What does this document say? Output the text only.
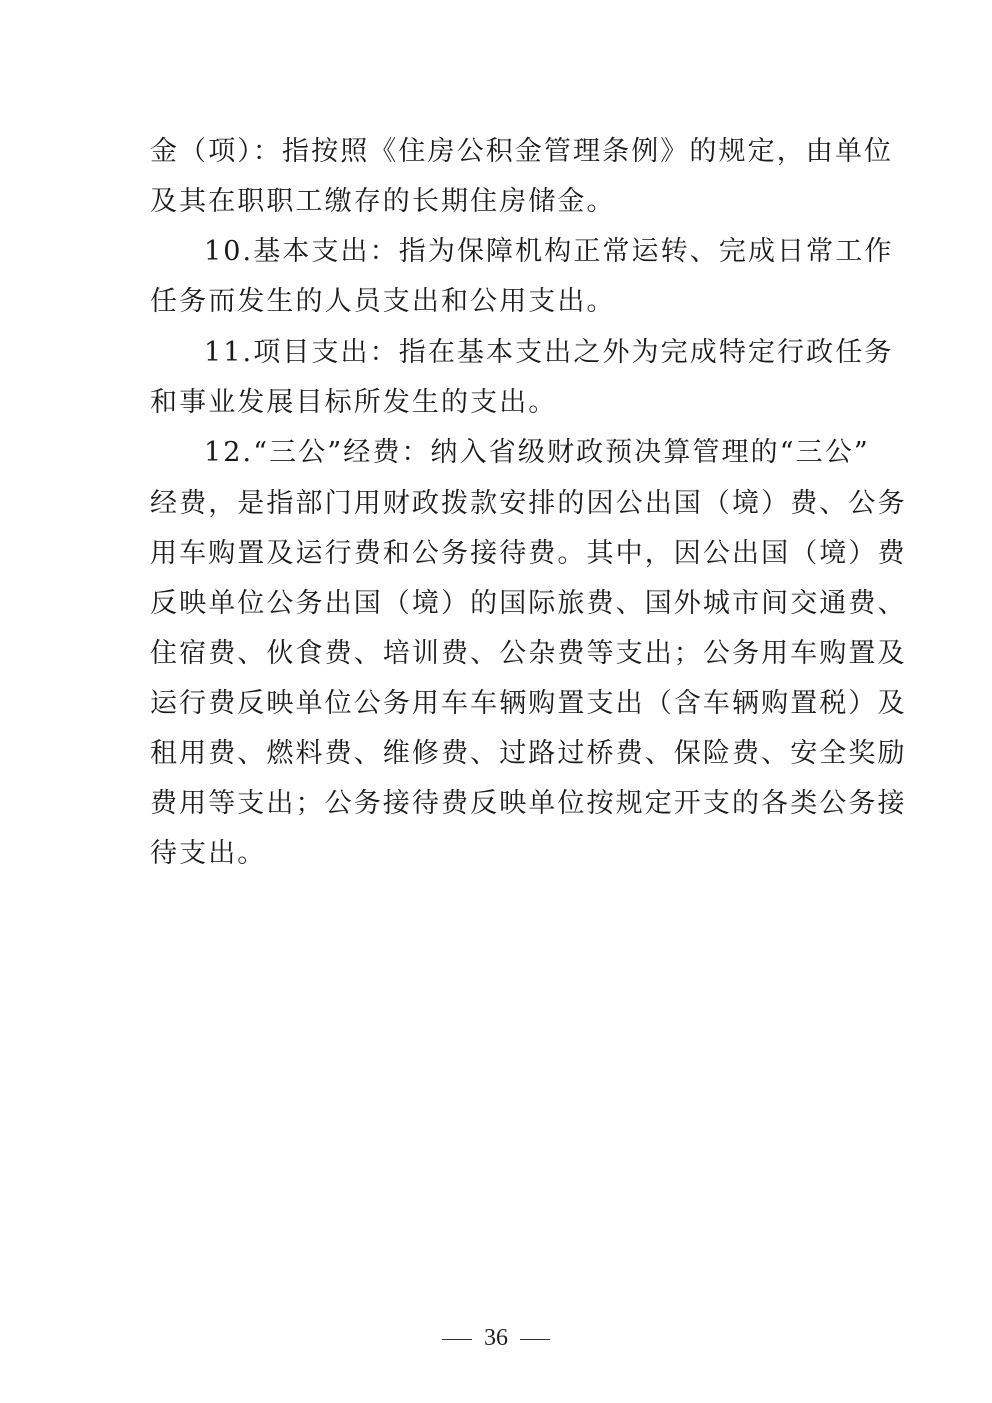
金（项）：指按照《住房公积金管理条例》的规定，由单位
及其在职职工缴存的长期住房储金。
10.基本支出：指为保障机构正常运转、完成日常工作
任务而发生的人员支出和公用支出。
11.项目支出：指在基本支出之外为完成特定行政任务
和事业发展目标所发生的支出。
12.“三公”经费：纳入省级财政预决算管理的“三公”
经费，是指部门用财政拨款安排的因公出国（境）费、公务
用车购置及运行费和公务接待费。其中，因公出国（境）费
反映单位公务出国（境）的国际旅费、国外城市间交通费、
住宿费、伙食费、培训费、公杂费等支出；公务用车购置及
运行费反映单位公务用车车辆购置支出（含车辆购置税）及
租用费、燃料费、维修费、过路过桥费、保险费、安全奖励
费用等支出；公务接待费反映单位按规定开支的各类公务接
待支出。
36
